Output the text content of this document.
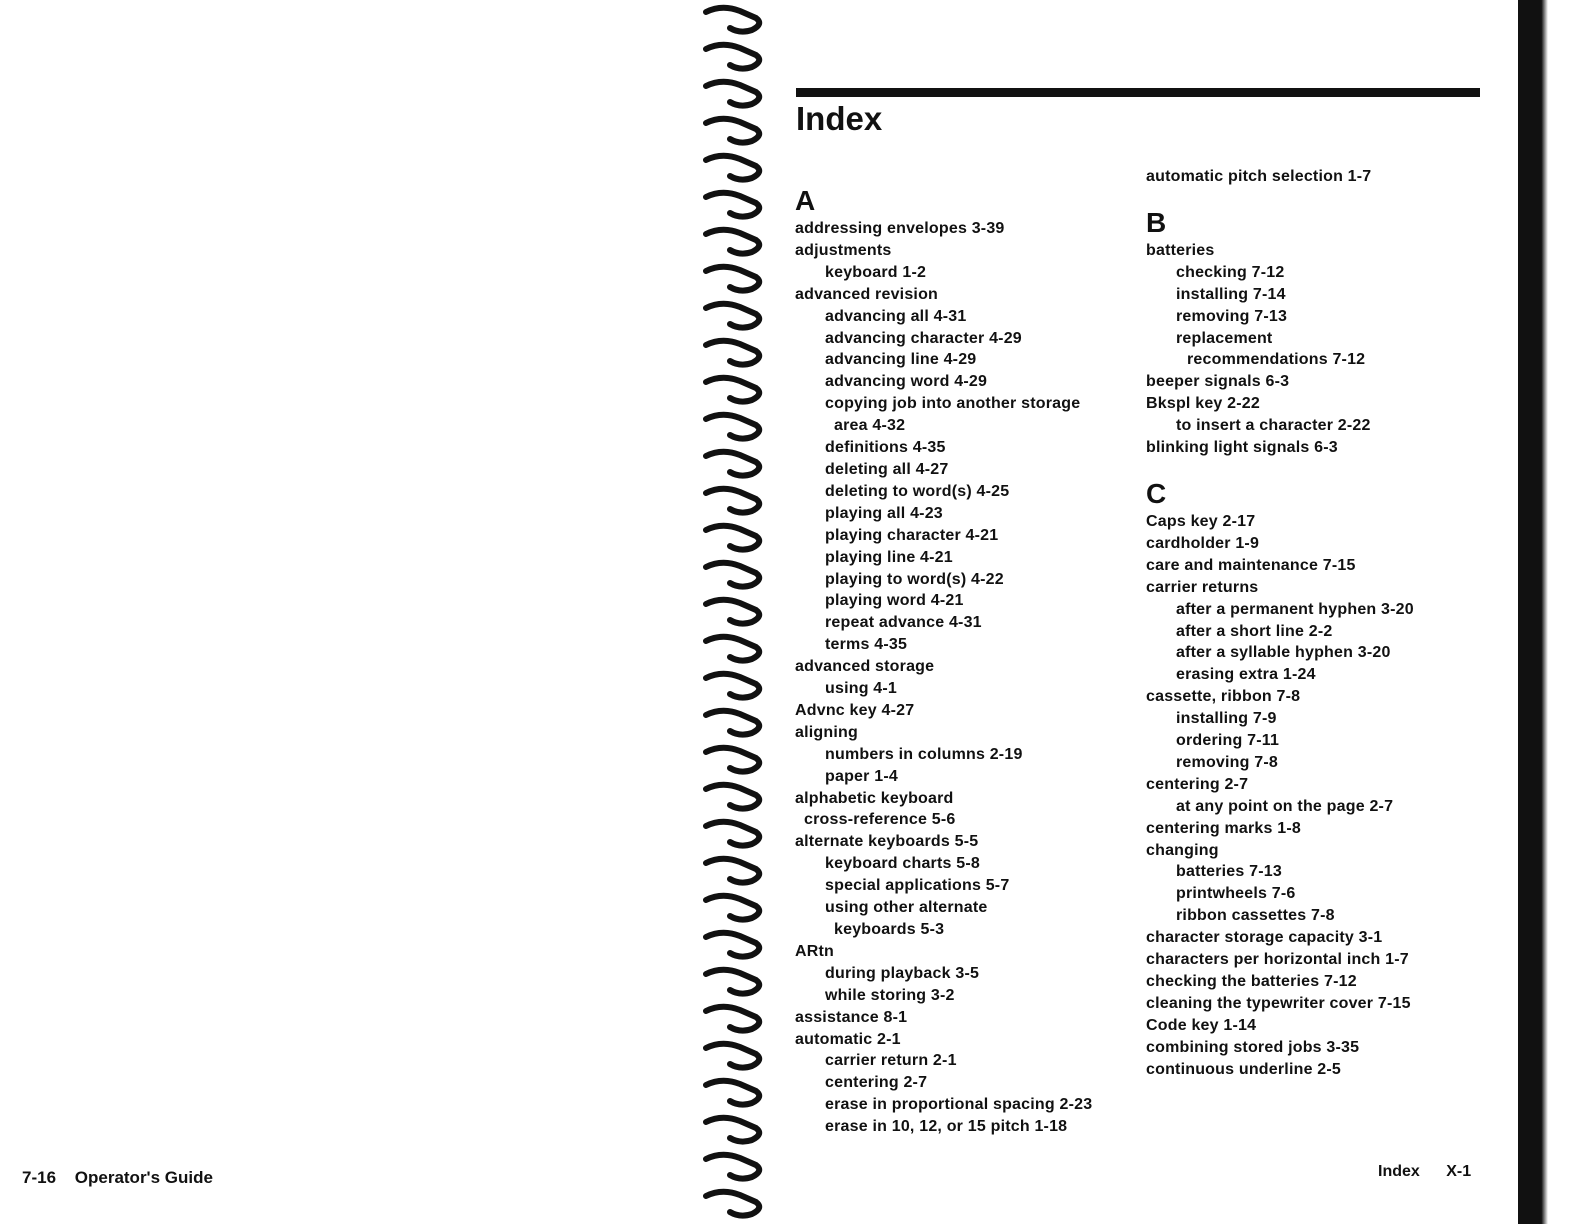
7-16 Operator's Guide
Index
A
addressing envelopes 3-39
adjustments
keyboard 1-2
advanced revision
advancing all 4-31
advancing character 4-29
advancing line 4-29
advancing word 4-29
copying job into another storage
area 4-32
definitions 4-35
deleting all 4-27
deleting to word(s) 4-25
playing all 4-23
playing character 4-21
playing line 4-21
playing to word(s) 4-22
playing word 4-21
repeat advance 4-31
terms 4-35
advanced storage
using 4-1
Advnc key 4-27
aligning
numbers in columns 2-19
paper 1-4
alphabetic keyboard
cross-reference 5-6
alternate keyboards 5-5
keyboard charts 5-8
special applications 5-7
using other alternate
keyboards 5-3
ARtn
during playback 3-5
while storing 3-2
assistance 8-1
automatic 2-1
carrier return 2-1
centering 2-7
erase in proportional spacing 2-23
erase in 10, 12, or 15 pitch 1-18
automatic pitch selection 1-7
B
batteries
checking 7-12
installing 7-14
removing 7-13
replacement
recommendations 7-12
beeper signals 6-3
Bkspl key 2-22
to insert a character 2-22
blinking light signals 6-3
C
Caps key 2-17
cardholder 1-9
care and maintenance 7-15
carrier returns
after a permanent hyphen 3-20
after a short line 2-2
after a syllable hyphen 3-20
erasing extra 1-24
cassette, ribbon 7-8
installing 7-9
ordering 7-11
removing 7-8
centering 2-7
at any point on the page 2-7
centering marks 1-8
changing
batteries 7-13
printwheels 7-6
ribbon cassettes 7-8
character storage capacity 3-1
characters per horizontal inch 1-7
checking the batteries 7-12
cleaning the typewriter cover 7-15
Code key 1-14
combining stored jobs 3-35
continuous underline 2-5
Index X-1
